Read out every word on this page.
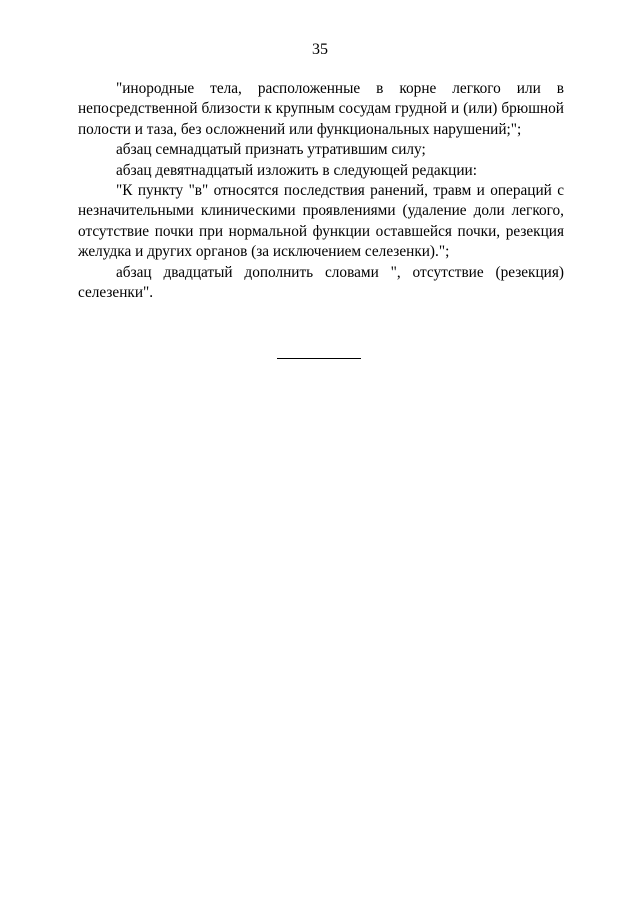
35

"инородные тела, расположенные в корне легкого или в непосредственной близости к крупным сосудам грудной и (или) брюшной полости и таза, без осложнений или функциональных нарушений;";

абзац семнадцатый признать утратившим силу;

абзац девятнадцатый изложить в следующей редакции:

"К пункту "в" относятся последствия ранений, травм и операций с незначительными клиническими проявлениями (удаление доли легкого, отсутствие почки при нормальной функции оставшейся почки, резекция желудка и других органов (за исключением селезенки).";

абзац двадцатый дополнить словами ", отсутствие (резекция) селезенки".
